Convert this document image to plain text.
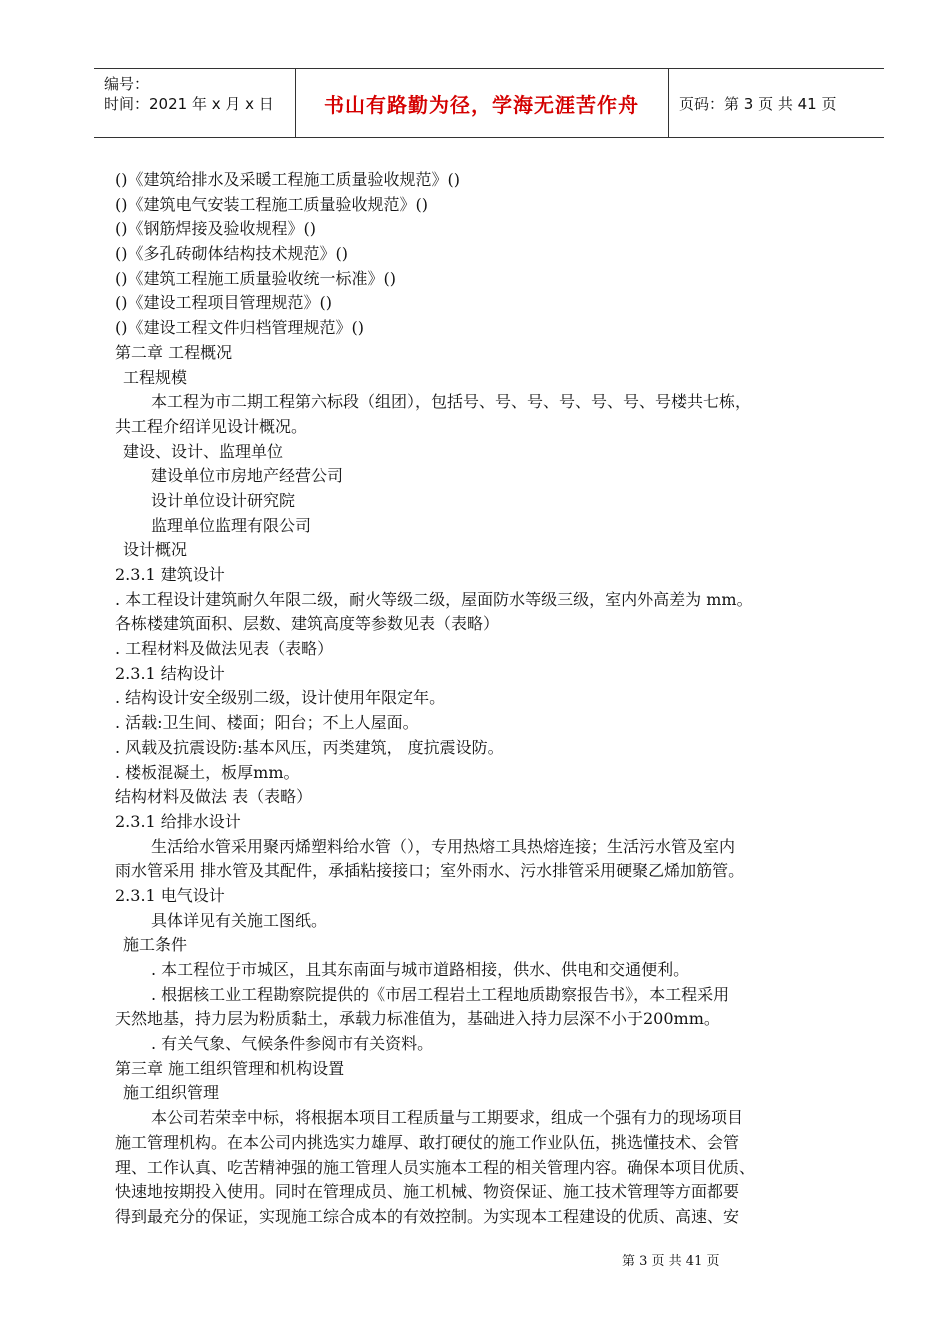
编号：
时间：2021 年 x 月 x 日	书山有路勤为径，学海无涯苦作舟	页码：第 3 页 共 41 页
()《建筑给排水及采暖工程施工质量验收规范》()
()《建筑电气安装工程施工质量验收规范》()
()《钢筋焊接及验收规程》()
()《多孔砖砌体结构技术规范》()
()《建筑工程施工质量验收统一标准》()
()《建设工程项目管理规范》()
()《建设工程文件归档管理规范》()
第二章 工程概况
工程规模
本工程为市二期工程第六标段（组团），包括号、号、号、号、号、号、号楼共七栋，
共工程介绍详见设计概况。
建设、设计、监理单位
建设单位市房地产经营公司
设计单位设计研究院
监理单位监理有限公司
设计概况
2.3.1 建筑设计
. 本工程设计建筑耐久年限二级，耐火等级二级，屋面防水等级三级，室内外高差为 mm。
各栋楼建筑面积、层数、建筑高度等参数见表（表略）
. 工程材料及做法见表（表略）
2.3.1 结构设计
. 结构设计安全级别二级，设计使用年限定年。
. 活载:卫生间、楼面；阳台；不上人屋面。
. 风载及抗震设防:基本风压，丙类建筑， 度抗震设防。
. 楼板混凝土，板厚mm。
结构材料及做法 表（表略）
2.3.1 给排水设计
生活给水管采用聚丙烯塑料给水管（），专用热熔工具热熔连接；生活污水管及室内
雨水管采用 排水管及其配件，承插粘接接口；室外雨水、污水排管采用硬聚乙烯加筋管。
2.3.1 电气设计
具体详见有关施工图纸。
施工条件
. 本工程位于市城区，且其东南面与城市道路相接，供水、供电和交通便利。
. 根据核工业工程勘察院提供的《市居工程岩土工程地质勘察报告书》，本工程采用
天然地基，持力层为粉质黏土，承载力标准值为，基础进入持力层深不小于200mm。
. 有关气象、气候条件参阅市有关资料。
第三章 施工组织管理和机构设置
施工组织管理
本公司若荣幸中标，将根据本项目工程质量与工期要求，组成一个强有力的现场项目
施工管理机构。在本公司内挑选实力雄厚、敢打硬仗的施工作业队伍，挑选懂技术、会管
理、工作认真、吃苦精神强的施工管理人员实施本工程的相关管理内容。确保本项目优质、
快速地按期投入使用。同时在管理成员、施工机械、物资保证、施工技术管理等方面都要
得到最充分的保证，实现施工综合成本的有效控制。为实现本工程建设的优质、高速、安
第 3 页 共 41 页
